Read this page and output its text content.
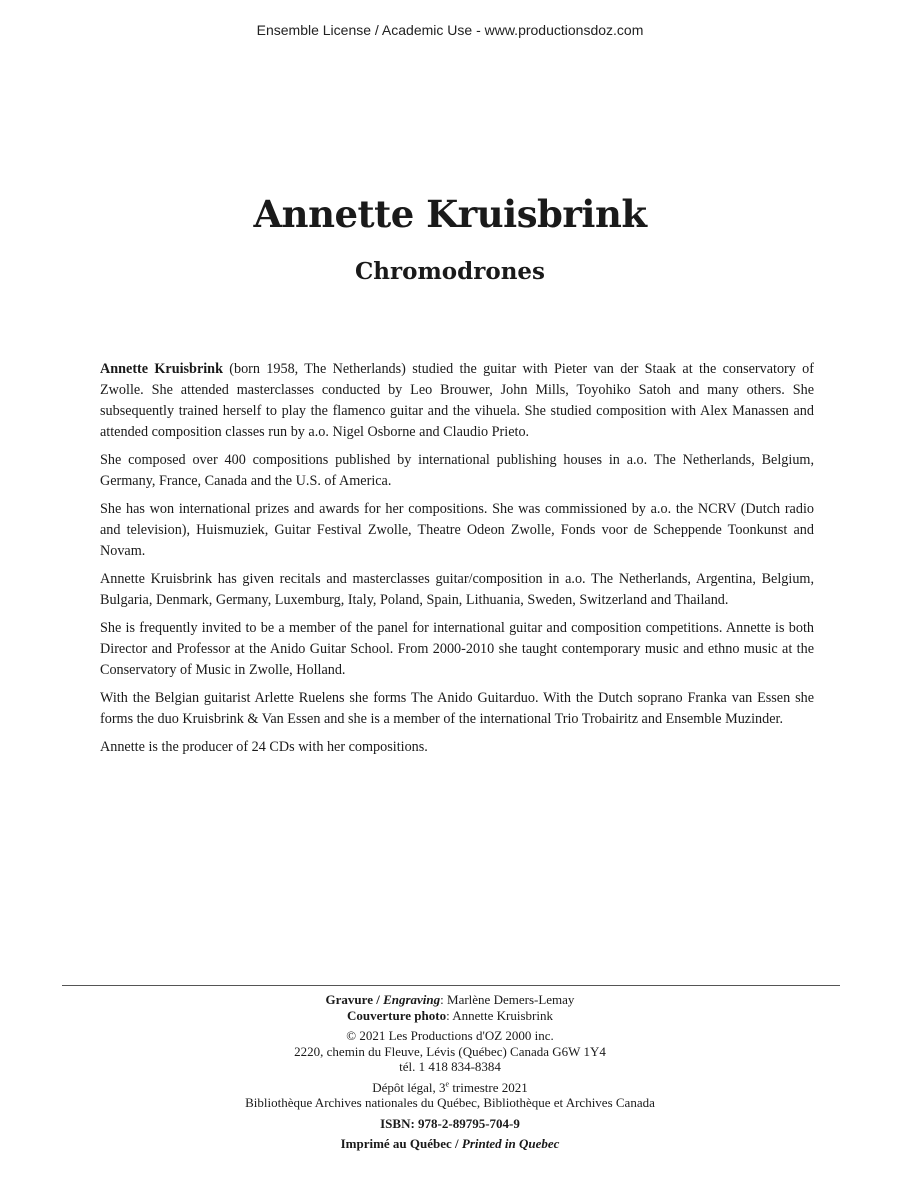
Ensemble License / Academic Use - www.productionsdoz.com
Annette Kruisbrink
Chromodrones

Annette Kruisbrink (born 1958, The Netherlands) studied the guitar with Pieter van der Staak at the conservatory of Zwolle. She attended masterclasses conducted by Leo Brouwer, John Mills, Toyohiko Satoh and many others. She subsequently trained herself to play the flamenco guitar and the vihuela. She studied composition with Alex Manassen and attended composition classes run by a.o. Nigel Osborne and Claudio Prieto.

She composed over 400 compositions published by international publishing houses in a.o. The Netherlands, Belgium, Germany, France, Canada and the U.S. of America.

She has won international prizes and awards for her compositions. She was commissioned by a.o. the NCRV (Dutch radio and television), Huismuziek, Guitar Festival Zwolle, Theatre Odeon Zwolle, Fonds voor de Scheppende Toonkunst and Novam.

Annette Kruisbrink has given recitals and masterclasses guitar/composition in a.o. The Netherlands, Argentina, Belgium, Bulgaria, Denmark, Germany, Luxemburg, Italy, Poland, Spain, Lithuania, Sweden, Switzerland and Thailand.

She is frequently invited to be a member of the panel for international guitar and composition competitions. Annette is both Director and Professor at the Anido Guitar School. From 2000-2010 she taught contemporary music and ethno music at the Conservatory of Music in Zwolle, Holland.

With the Belgian guitarist Arlette Ruelens she forms The Anido Guitarduo. With the Dutch soprano Franka van Essen she forms the duo Kruisbrink & Van Essen and she is a member of the international Trio Trobairitz and Ensemble Muzinder.

Annette is the producer of 24 CDs with her compositions.

Gravure / Engraving: Marlène Demers-Lemay
Couverture photo: Annette Kruisbrink
© 2021 Les Productions d'OZ 2000 inc.
2220, chemin du Fleuve, Lévis (Québec) Canada G6W 1Y4
tél. 1 418 834-8384
Dépôt légal, 3e trimestre 2021
Bibliothèque Archives nationales du Québec, Bibliothèque et Archives Canada
ISBN: 978-2-89795-704-9
Imprimé au Québec / Printed in Quebec
